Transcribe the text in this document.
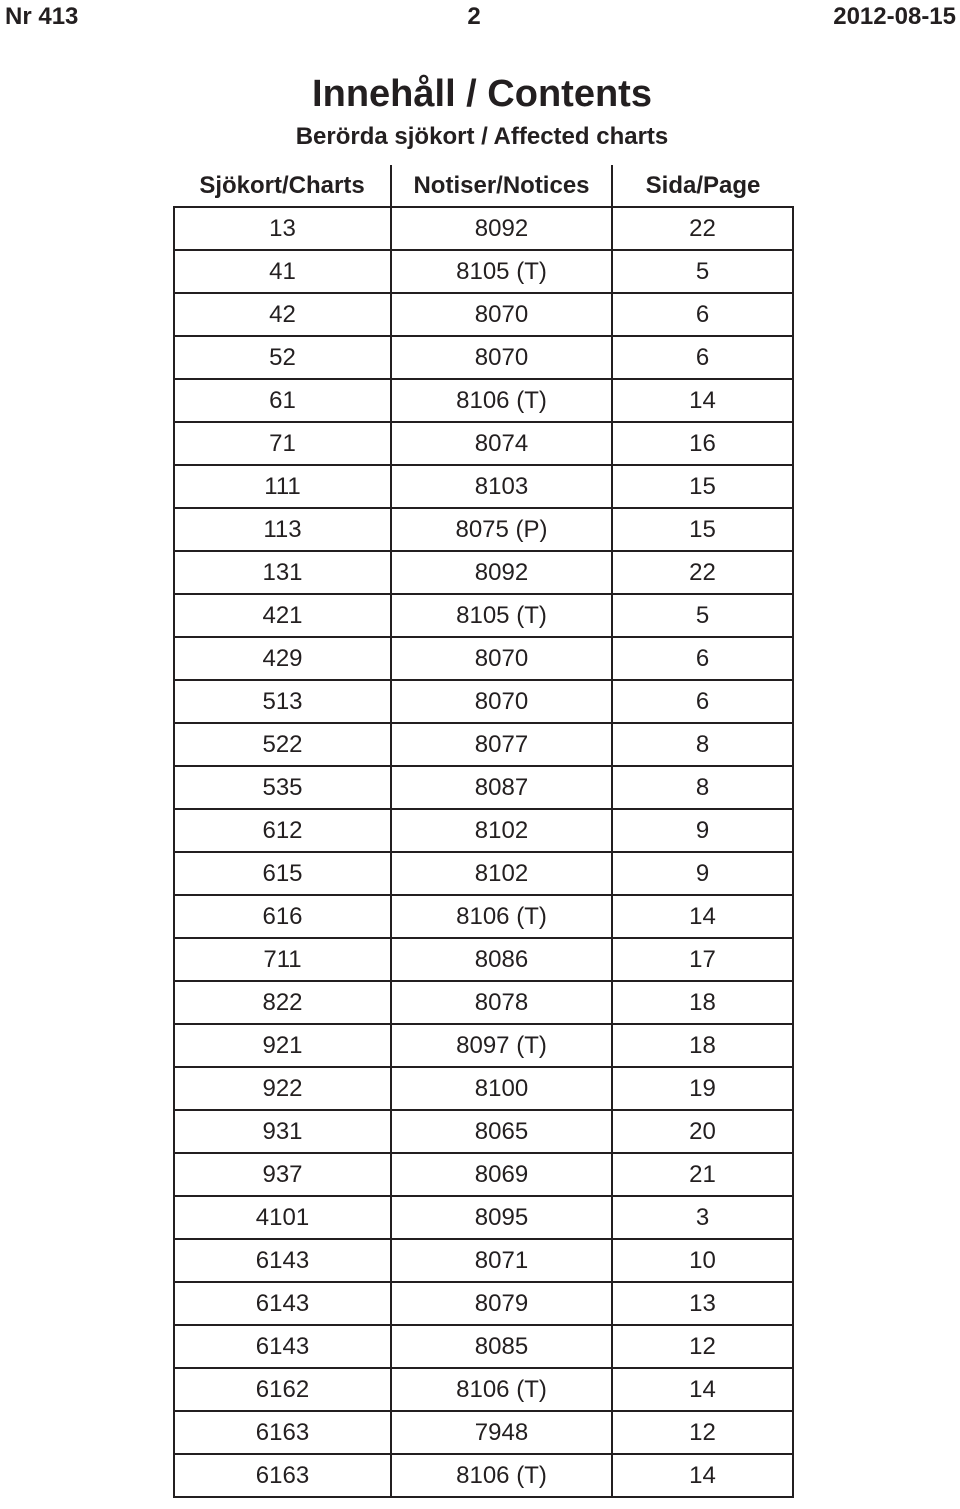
Nr 413	2	2012-08-15
Innehåll / Contents
Berörda sjökort / Affected charts
Sjökort/Charts	Notiser/Notices	Sida/Page
13	8092	22
41	8105 (T)	5
42	8070	6
52	8070	6
61	8106 (T)	14
71	8074	16
111	8103	15
113	8075 (P)	15
131	8092	22
421	8105 (T)	5
429	8070	6
513	8070	6
522	8077	8
535	8087	8
612	8102	9
615	8102	9
616	8106 (T)	14
711	8086	17
822	8078	18
921	8097 (T)	18
922	8100	19
931	8065	20
937	8069	21
4101	8095	3
6143	8071	10
6143	8079	13
6143	8085	12
6162	8106 (T)	14
6163	7948	12
6163	8106 (T)	14
